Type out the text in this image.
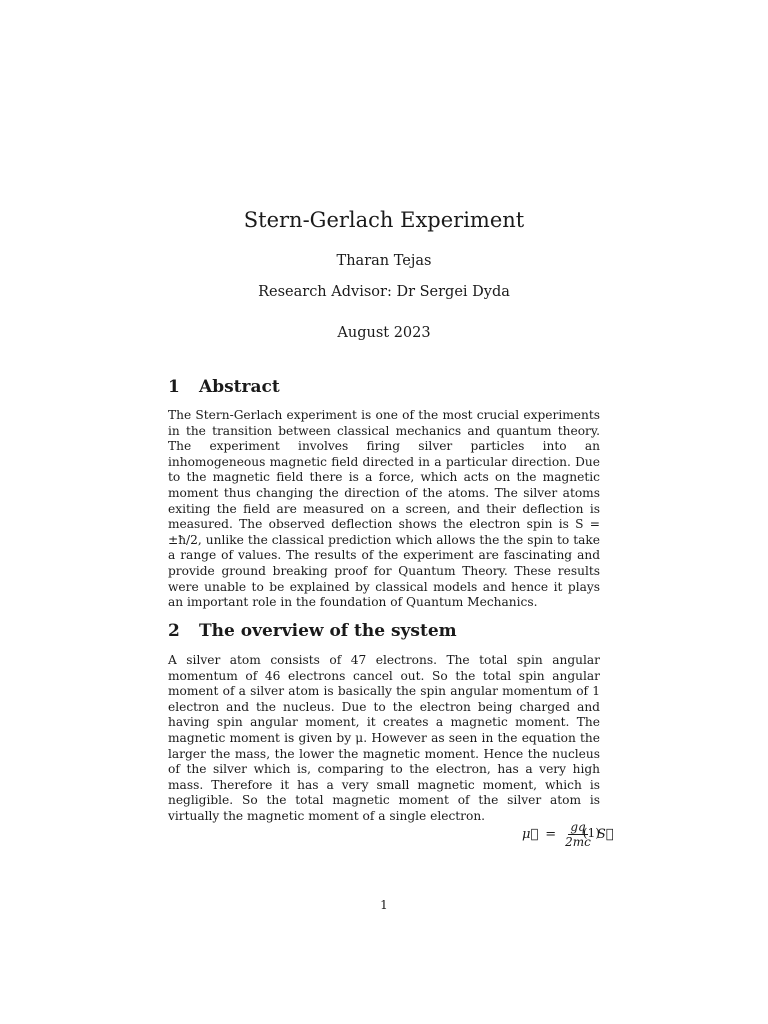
Stern-Gerlach Experiment
Tharan Tejas
Research Advisor: Dr Sergei Dyda
August 2023
1 Abstract

The Stern-Gerlach experiment is one of the most crucial experiments in the transition between classical mechanics and quantum theory. The experiment involves firing silver particles into an inhomogeneous magnetic field directed in a particular direction. Due to the magnetic field there is a force, which acts on the magnetic moment thus changing the direction of the atoms. The silver atoms exiting the field are measured on a screen, and their deflection is measured. The observed deflection shows the electron spin is S = ±ħ/2, unlike the classical prediction which allows the the spin to take a range of values. The results of the experiment are fascinating and provide ground breaking proof for Quantum Theory. These results were unable to be explained by classical models and hence it plays an important role in the foundation of Quantum Mechanics.

2 The overview of the system

A silver atom consists of 47 electrons. The total spin angular momentum of 46 electrons cancel out. So the total spin angular moment of a silver atom is basically the spin angular momentum of 1 electron and the nucleus. Due to the electron being charged and having spin angular moment, it creates a magnetic moment. The magnetic moment is given by μ. However as seen in the equation the larger the mass, the lower the magnetic moment. Hence the nucleus of the silver which is, comparing to the electron, has a very high mass. Therefore it has a very small magnetic moment, which is negligible. So the total magnetic moment of the silver atom is virtually the magnetic moment of a single electron.

μ⃗ = $\frac{gq}{2mc}$ S⃗
(1)
1
